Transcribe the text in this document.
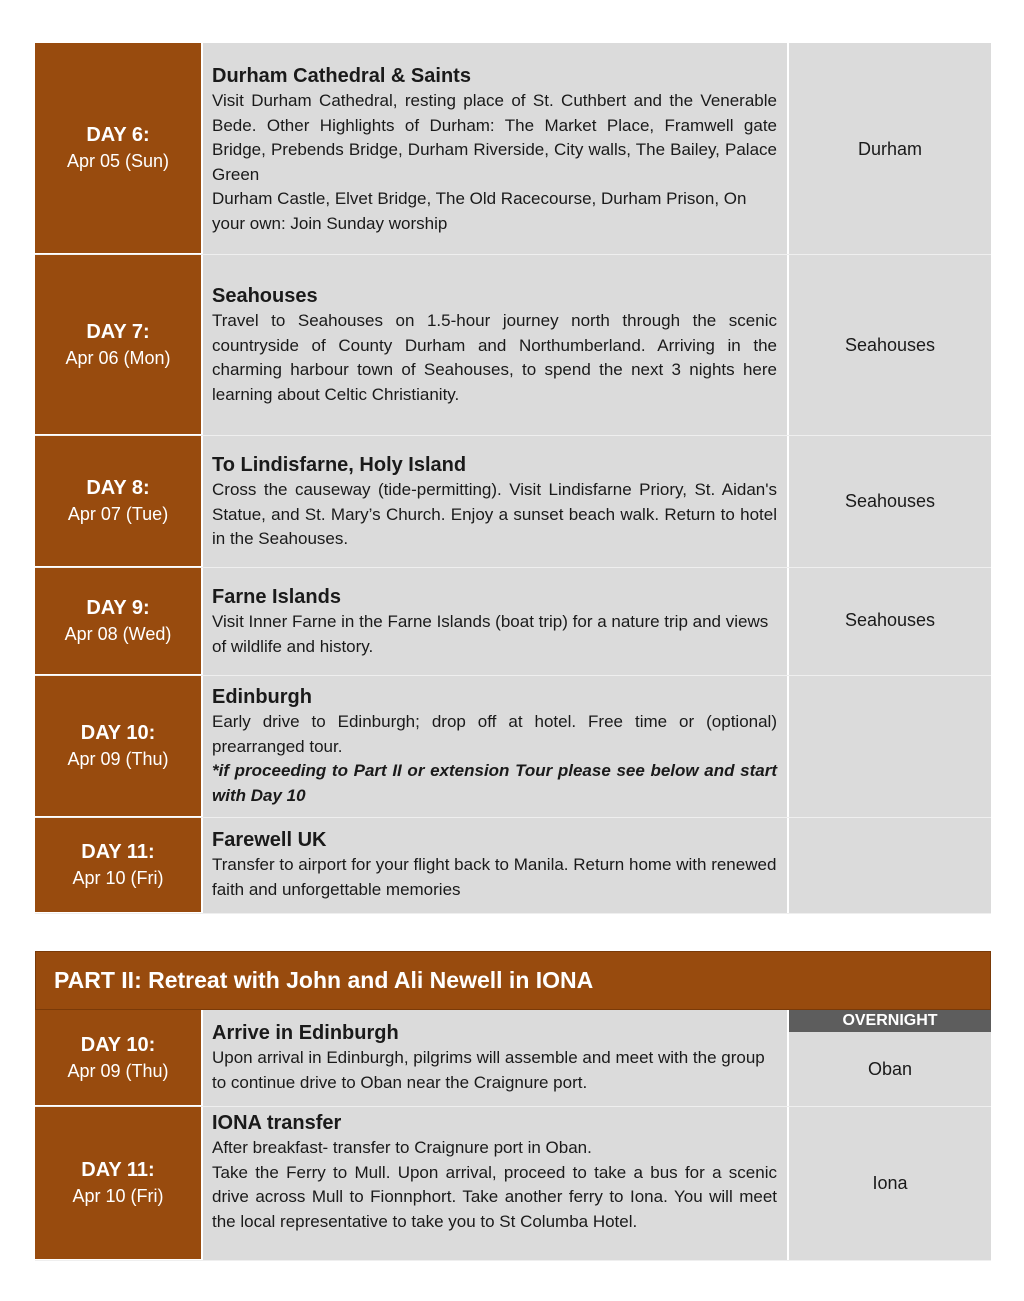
DAY 6:
Apr 05 (Sun)
Durham Cathedral & Saints

Visit Durham Cathedral, resting place of St. Cuthbert and the Venerable Bede. Other Highlights of Durham: The Market Place, Framwell gate Bridge, Prebends Bridge, Durham Riverside, City walls, The Bailey, Palace Green

Durham Castle, Elvet Bridge, The Old Racecourse, Durham Prison, On your own: Join Sunday worship

Durham
DAY 7:
Apr 06 (Mon)
Seahouses

Travel to Seahouses on 1.5-hour journey north through the scenic countryside of County Durham and Northumberland. Arriving in the charming harbour town of Seahouses, to spend the next 3 nights here learning about Celtic Christianity.

Seahouses
DAY 8:
Apr 07 (Tue)
To Lindisfarne, Holy Island

Cross the causeway (tide-permitting). Visit Lindisfarne Priory, St. Aidan's Statue, and St. Mary’s Church. Enjoy a sunset beach walk. Return to hotel in the Seahouses.

Seahouses
DAY 9:
Apr 08 (Wed)
Farne Islands

Visit Inner Farne in the Farne Islands (boat trip) for a nature trip and views of wildlife and history.

Seahouses
DAY 10:
Apr 09 (Thu)
Edinburgh

Early drive to Edinburgh; drop off at hotel. Free time or (optional) prearranged tour.

*if proceeding to Part II or extension Tour please see below and start with Day 10
DAY 11:
Apr 10 (Fri)
Farewell UK

Transfer to airport for your flight back to Manila. Return home with renewed faith and unforgettable memories

PART II: Retreat with John and Ali Newell in IONA
DAY 10:
Apr 09 (Thu)
Arrive in Edinburgh

Upon arrival in Edinburgh, pilgrims will assemble and meet with the group to continue drive to Oban near the Craignure port.

OVERNIGHT
Oban
DAY 11:
Apr 10 (Fri)
IONA transfer

After breakfast- transfer to Craignure port in Oban.

Take the Ferry to Mull. Upon arrival, proceed to take a bus for a scenic drive across Mull to Fionnphort. Take another ferry to Iona. You will meet the local representative to take you to St Columba Hotel.

Iona
